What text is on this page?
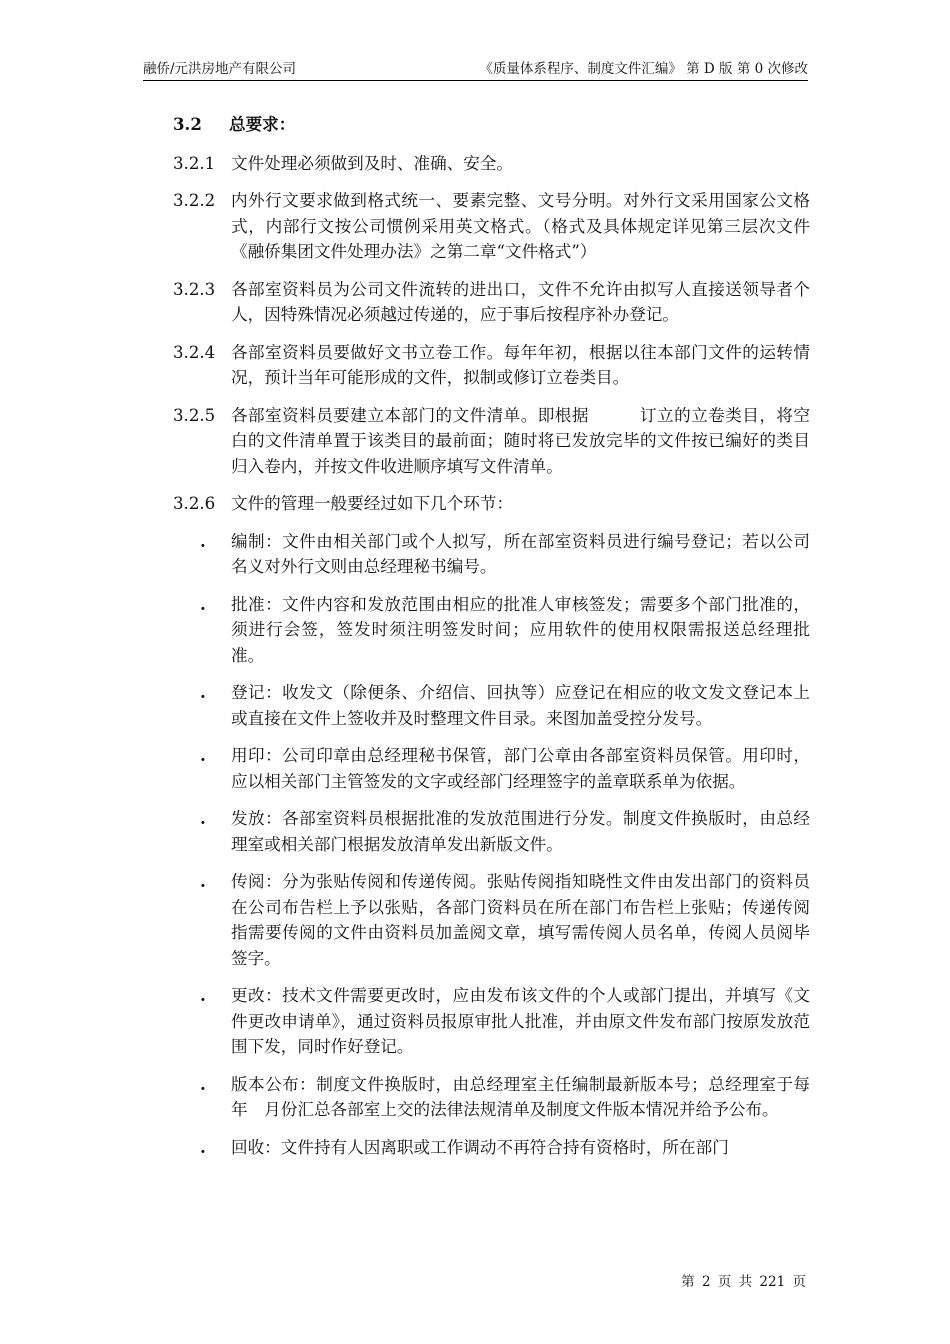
融侨/元洪房地产有限公司	《质量体系程序、制度文件汇编》 第 D 版 第 0 次修改
3.2	总要求：
3.2.1 文件处理必须做到及时、准确、安全。
3.2.2 内外行文要求做到格式统一、要素完整、文号分明。对外行文采用国家公文格式，内部行文按公司惯例采用英文格式。（格式及具体规定详见第三层次文件《融侨集团文件处理办法》之第二章“文件格式”）
3.2.3 各部室资料员为公司文件流转的进出口，文件不允许由拟写人直接送领导者个人，因特殊情况必须越过传递的，应于事后按程序补办登记。
3.2.4 各部室资料员要做好文书立卷工作。每年年初，根据以往本部门文件的运转情况，预计当年可能形成的文件，拟制或修订立卷类目。
3.2.5 各部室资料员要建立本部门的文件清单。即根据　　　订立的立卷类目，将空白的文件清单置于该类目的最前面；随时将已发放完毕的文件按已编好的类目归入卷内，并按文件收进顺序填写文件清单。
3.2.6 文件的管理一般要经过如下几个环节：
.	编制：文件由相关部门或个人拟写，所在部室资料员进行编号登记；若以公司名义对外行文则由总经理秘书编号。
.	批准：文件内容和发放范围由相应的批准人审核签发；需要多个部门批准的，须进行会签，签发时须注明签发时间；应用软件的使用权限需报送总经理批准。
.	登记：收发文（除便条、介绍信、回执等）应登记在相应的收文发文登记本上或直接在文件上签收并及时整理文件目录。来图加盖受控分发号。
.	用印：公司印章由总经理秘书保管，部门公章由各部室资料员保管。用印时，应以相关部门主管签发的文字或经部门经理签字的盖章联系单为依据。
.	发放：各部室资料员根据批准的发放范围进行分发。制度文件换版时，由总经理室或相关部门根据发放清单发出新版文件。
.	传阅：分为张贴传阅和传递传阅。张贴传阅指知晓性文件由发出部门的资料员在公司布告栏上予以张贴，各部门资料员在所在部门布告栏上张贴；传递传阅指需要传阅的文件由资料员加盖阅文章，填写需传阅人员名单，传阅人员阅毕签字。
.	更改：技术文件需要更改时，应由发布该文件的个人或部门提出，并填写《文件更改申请单》，通过资料员报原审批人批准，并由原文件发布部门按原发放范围下发，同时作好登记。
.	版本公布：制度文件换版时，由总经理室主任编制最新版本号；总经理室于每年　月份汇总各部室上交的法律法规清单及制度文件版本情况并给予公布。
.	回收：文件持有人因离职或工作调动不再符合持有资格时，所在部门
第 2 页 共 221 页
